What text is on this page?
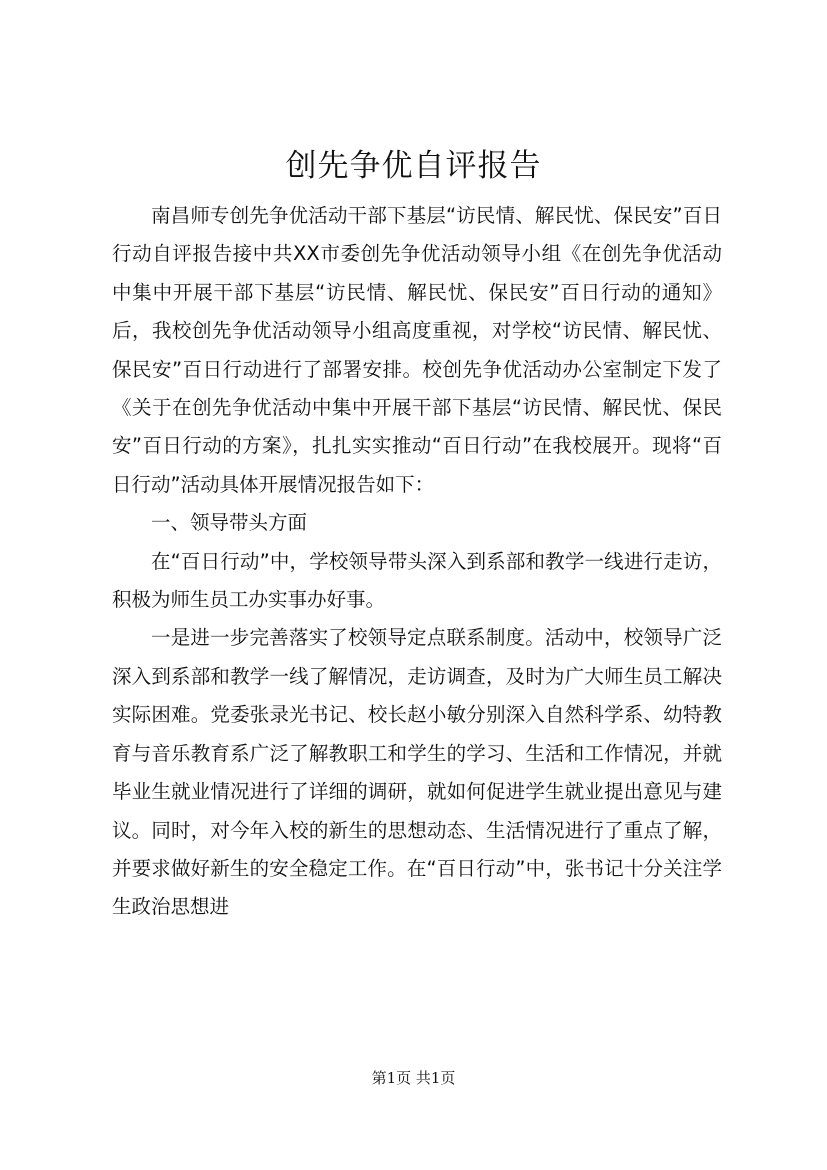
创先争优自评报告

南昌师专创先争优活动干部下基层“访民情、解民忧、保民安”百日行动自评报告接中共XX市委创先争优活动领导小组《在创先争优活动中集中开展干部下基层“访民情、解民忧、保民安”百日行动的通知》后，我校创先争优活动领导小组高度重视，对学校“访民情、解民忧、保民安”百日行动进行了部署安排。校创先争优活动办公室制定下发了《关于在创先争优活动中集中开展干部下基层“访民情、解民忧、保民安”百日行动的方案》，扎扎实实推动“百日行动”在我校展开。现将“百日行动”活动具体开展情况报告如下：

一、领导带头方面

在“百日行动”中，学校领导带头深入到系部和教学一线进行走访，积极为师生员工办实事办好事。

一是进一步完善落实了校领导定点联系制度。活动中，校领导广泛深入到系部和教学一线了解情况，走访调查，及时为广大师生员工解决实际困难。党委张录光书记、校长赵小敏分别深入自然科学系、幼特教育与音乐教育系广泛了解教职工和学生的学习、生活和工作情况，并就毕业生就业情况进行了详细的调研，就如何促进学生就业提出意见与建议。同时，对今年入校的新生的思想动态、生活情况进行了重点了解，并要求做好新生的安全稳定工作。在“百日行动”中，张书记十分关注学生政治思想进

第1页 共1页
